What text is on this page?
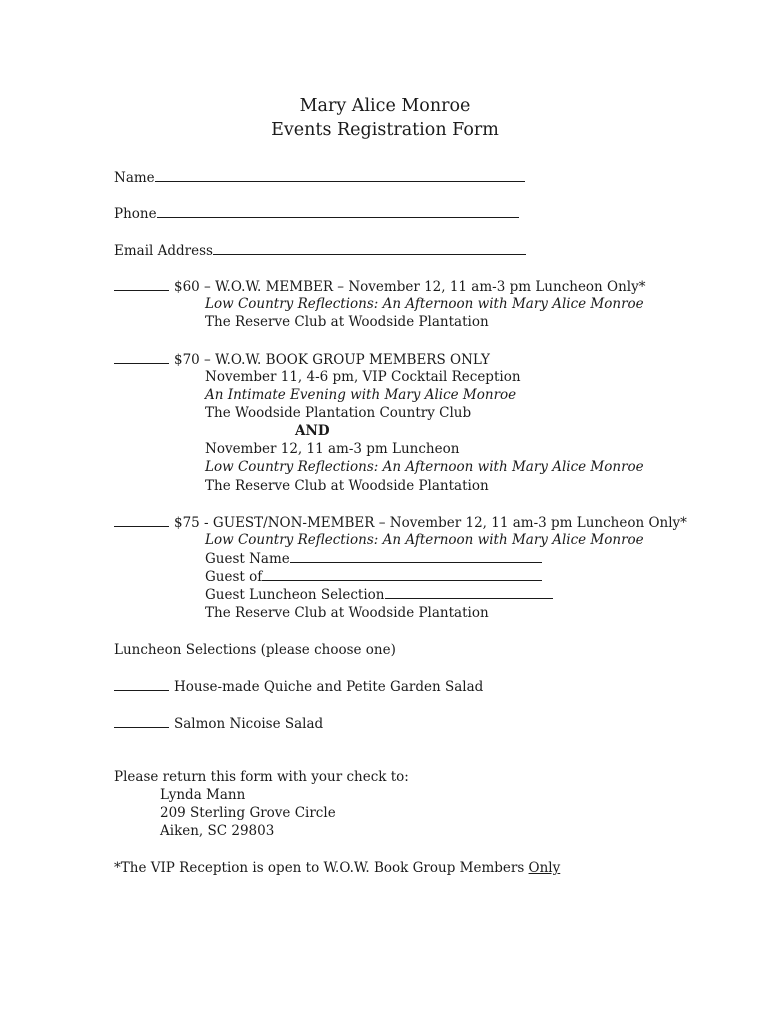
Mary Alice Monroe
Events Registration Form
Name
Phone
Email Address
$60 – W.O.W. MEMBER – November 12, 11 am-3 pm Luncheon Only*
Low Country Reflections: An Afternoon with Mary Alice Monroe
The Reserve Club at Woodside Plantation
$70 – W.O.W. BOOK GROUP MEMBERS ONLY
November 11, 4-6 pm, VIP Cocktail Reception
An Intimate Evening with Mary Alice Monroe
The Woodside Plantation Country Club
AND
November 12, 11 am-3 pm Luncheon
Low Country Reflections: An Afternoon with Mary Alice Monroe
The Reserve Club at Woodside Plantation
$75 - GUEST/NON-MEMBER – November 12, 11 am-3 pm Luncheon Only*
Low Country Reflections: An Afternoon with Mary Alice Monroe
Guest Name
Guest of
Guest Luncheon Selection
The Reserve Club at Woodside Plantation
Luncheon Selections (please choose one)
House-made Quiche and Petite Garden Salad
Salmon Nicoise Salad
Please return this form with your check to:
Lynda Mann
209 Sterling Grove Circle
Aiken, SC 29803
*The VIP Reception is open to W.O.W. Book Group Members Only
